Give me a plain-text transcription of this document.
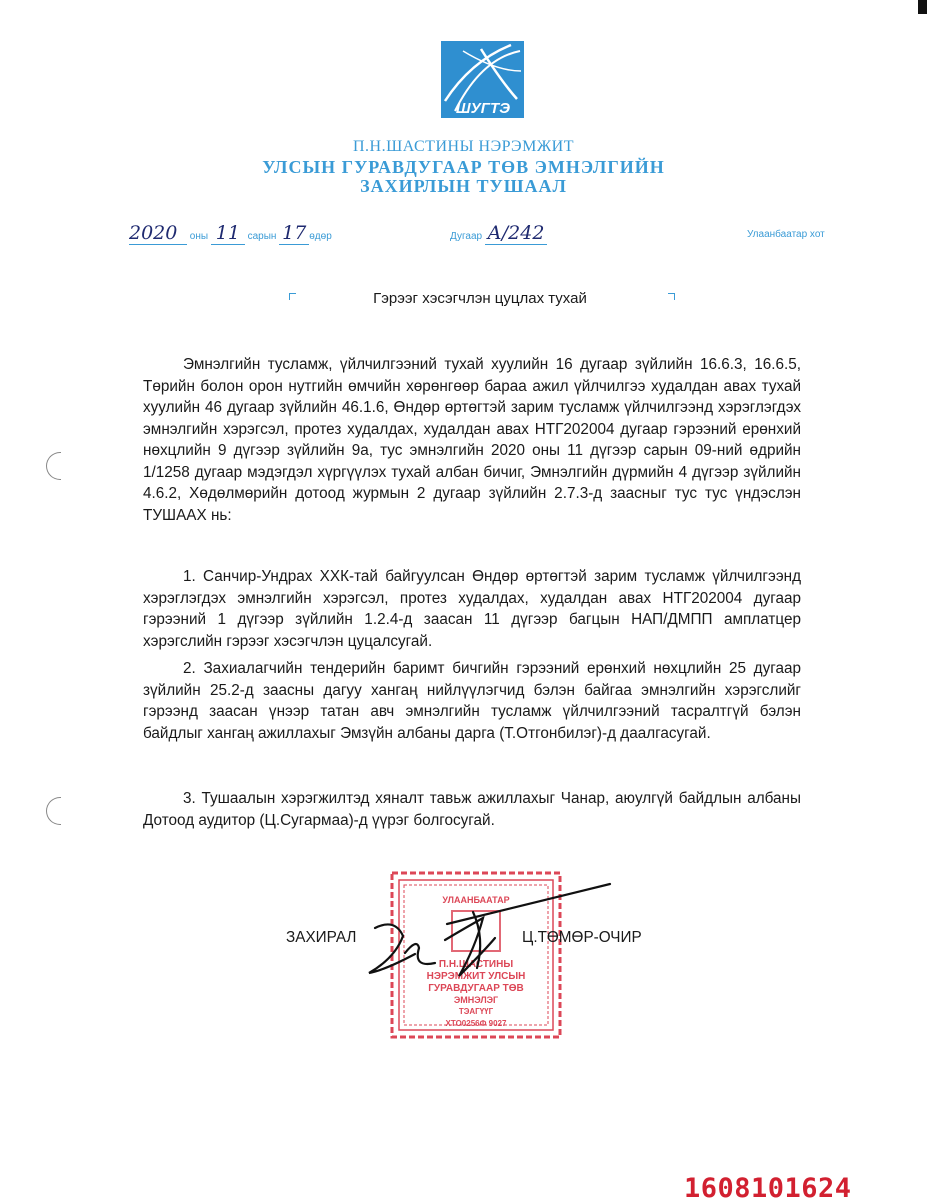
ШУГТЭ
П.Н.ШАСТИНЫ НЭРЭМЖИТ
УЛСЫН ГУРАВДУГААР ТӨВ ЭМНЭЛГИЙН
ЗАХИРЛЫН ТУШААЛ
2020 оны 11 сарын 17 өдөр	Дугаар А/242	Улаанбаатар хот
Гэрээг хэсэгчлэн цуцлах тухай
Эмнэлгийн тусламж, үйлчилгээний тухай хуулийн 16 дугаар зүйлийн 16.6.3, 16.6.5, Төрийн болон орон нутгийн өмчийн хөрөнгөөр бараа ажил үйлчилгээ худалдан авах тухай хуулийн 46 дугаар зүйлийн 46.1.6, Өндөр өртөгтэй зарим тусламж үйлчилгээнд хэрэглэгдэх эмнэлгийн хэрэгсэл, протез худалдах, худалдан авах НТГ202004 дугаар гэрээний ерөнхий нөхцлийн 9 дүгээр зүйлийн 9а, тус эмнэлгийн 2020 оны 11 дүгээр сарын 09-ний өдрийн 1/1258 дугаар мэдэгдэл хүргүүлэх тухай албан бичиг, Эмнэлгийн дүрмийн 4 дүгээр зүйлийн 4.6.2, Хөдөлмөрийн дотоод журмын 2 дугаар зүйлийн 2.7.3-д заасныг тус тус үндэслэн ТУШААХ нь:
1. Санчир-Ундрах ХХК-тай байгуулсан Өндөр өртөгтэй зарим тусламж үйлчилгээнд хэрэглэгдэх эмнэлгийн хэрэгсэл, протез худалдах, худалдан авах НТГ202004 дугаар гэрээний 1 дүгээр зүйлийн 1.2.4-д заасан 11 дүгээр багцын НАП/ДМПП амплатцер хэрэгслийн гэрээг хэсэгчлэн цуцалсугай.
2. Захиалагчийн тендерийн баримт бичгийн гэрээний ерөнхий нөхцлийн 25 дугаар зүйлийн 25.2-д заасны дагуу хангаң нийлүүлэгчид бэлэн байгаа эмнэлгийн хэрэгслийг гэрээнд заасан үнээр татан авч эмнэлгийн тусламж үйлчилгээний тасралтгүй бэлэн байдлыг хангаң ажиллахыг Эмзүйн албаны дарга (Т.Отгонбилэг)-д даалгасугай.
3. Тушаалын хэрэгжилтэд хяналт тавьж ажиллахыг Чанар, аюулгүй байдлын албаны Дотоод аудитор (Ц.Сугармаа)-д үүрэг болгосугай.
УЛААНБААТАР
П.Н.ШАСТИНЫ
НЭРЭМЖИТ УЛСЫН
ГУРАВДУГААР ТӨВ
ЭМНЭЛЭГ
ТЭАГҮҮГ
ХТО0256Ф 9027
ЗАХИРАЛ	Ц.ТӨМӨР-ОЧИР
1608101624
